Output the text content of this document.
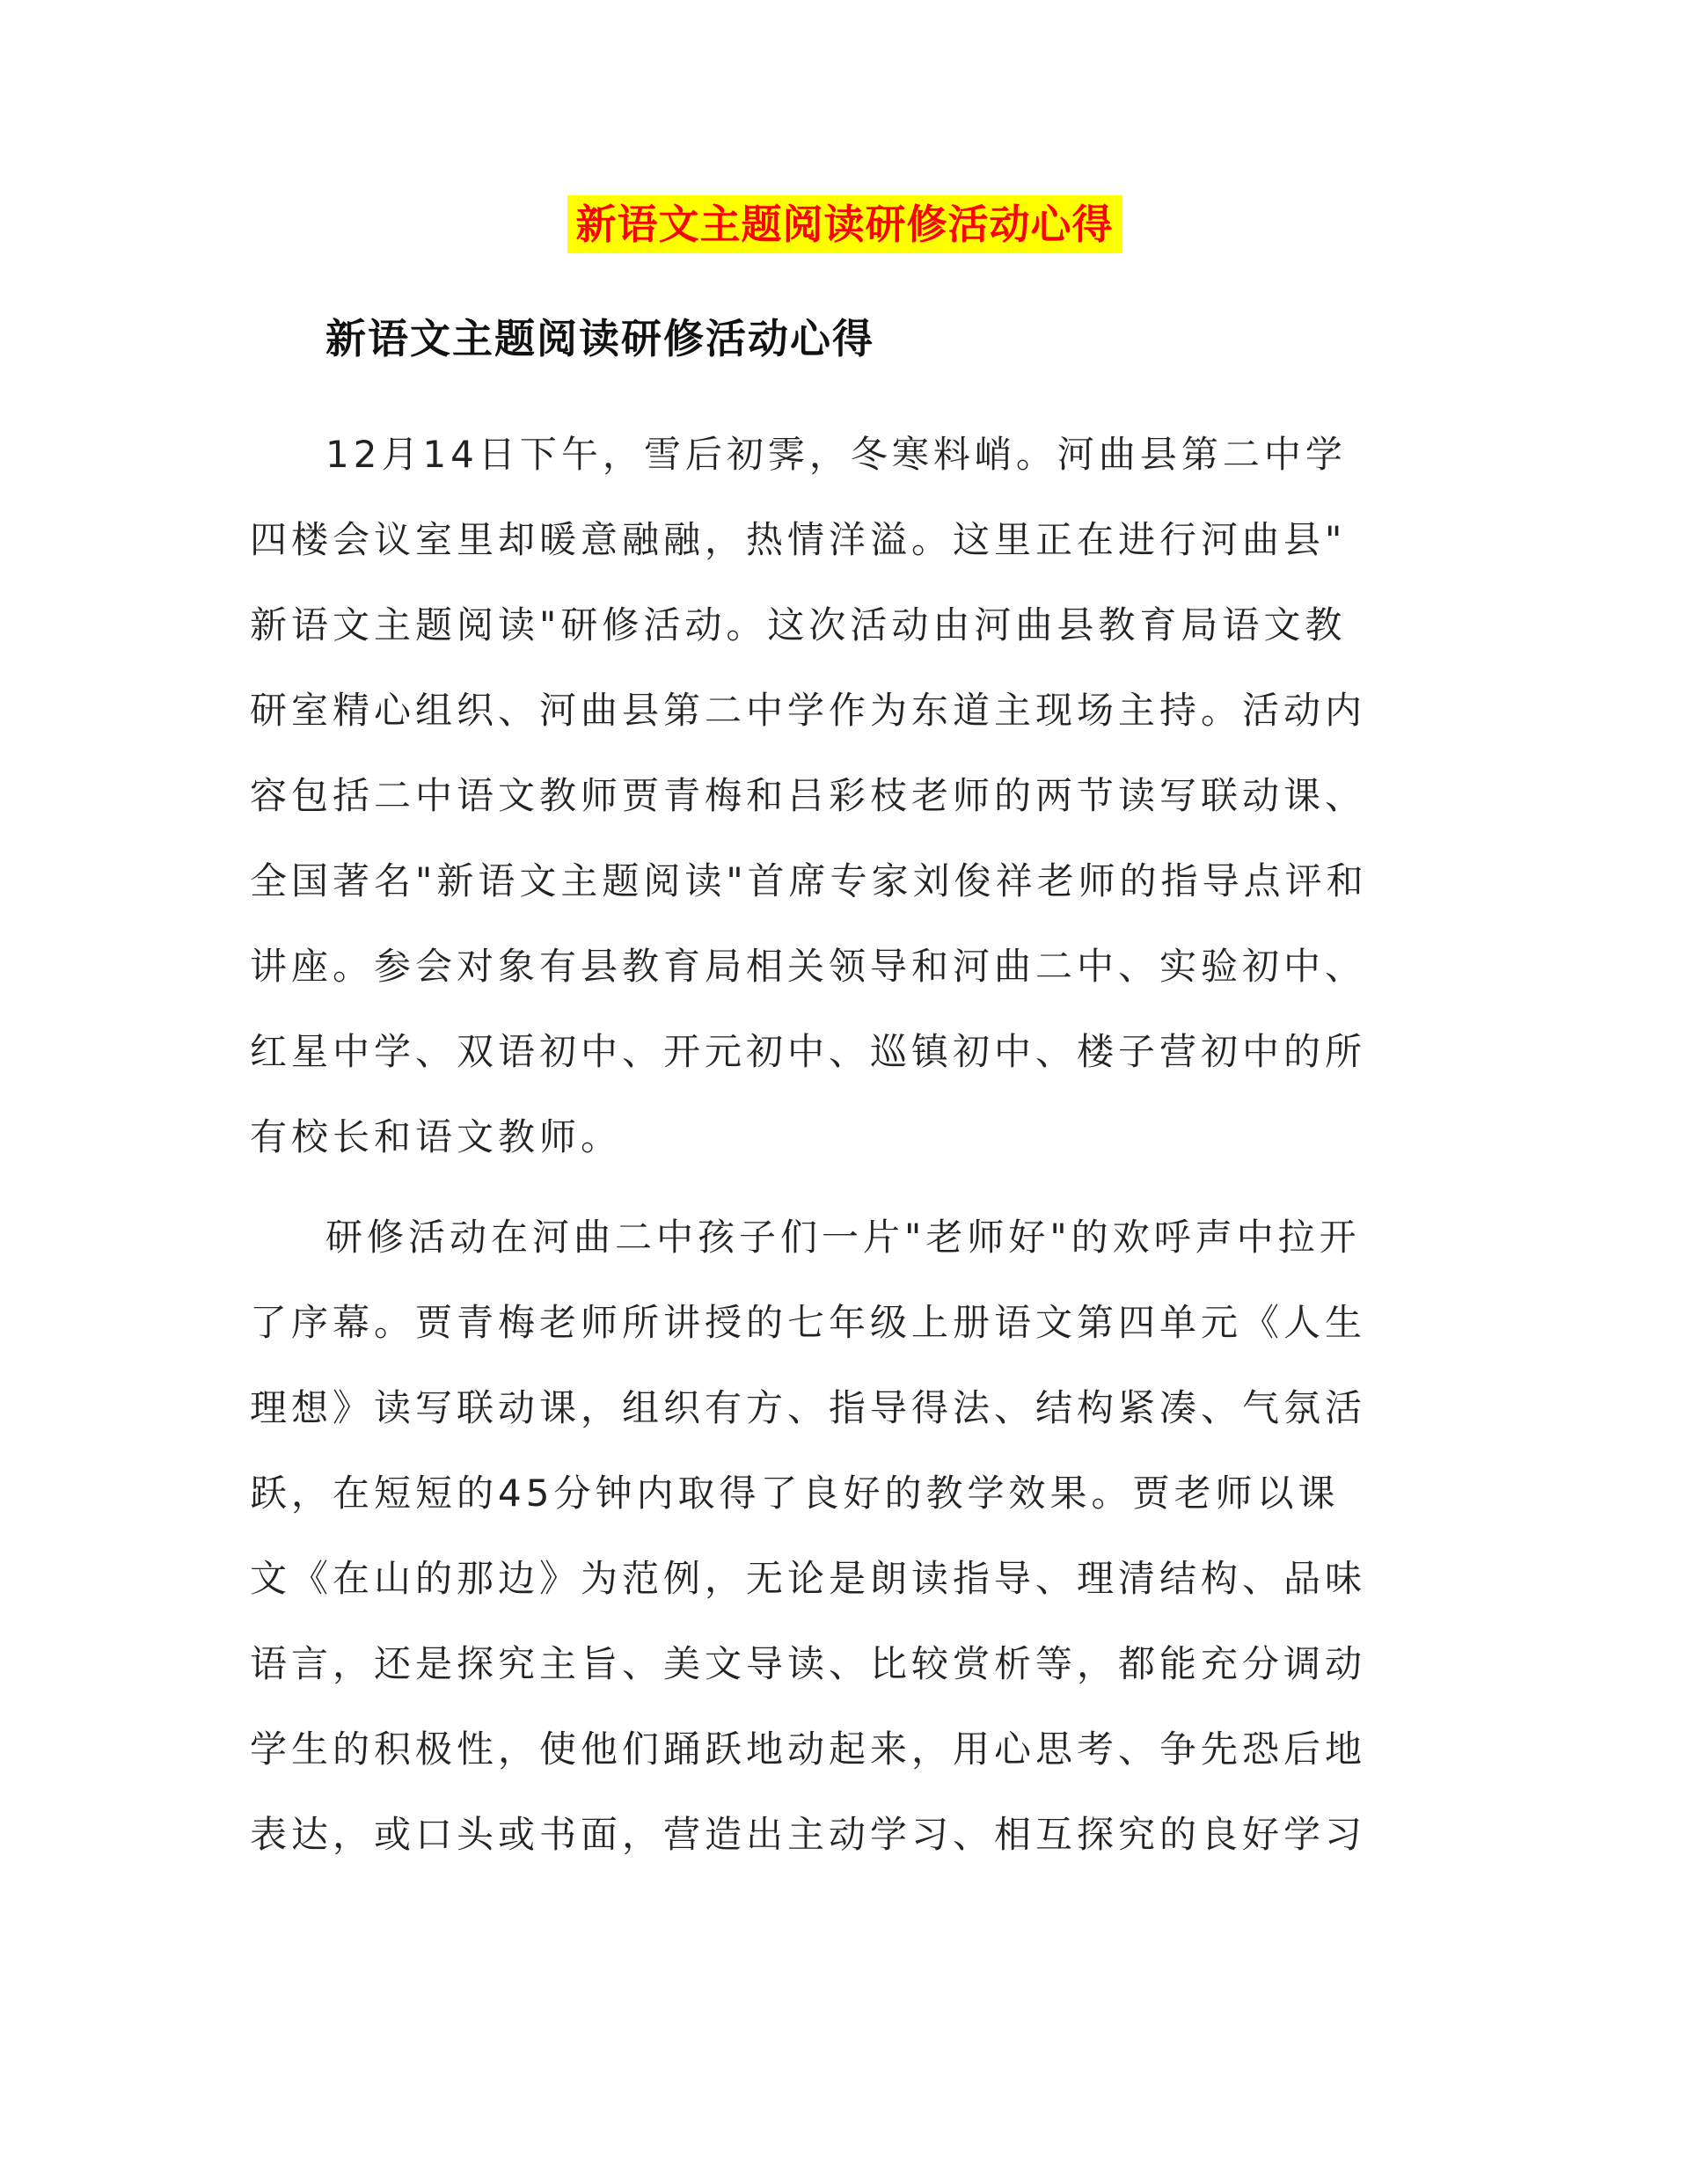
新语文主题阅读研修活动心得
新语文主题阅读研修活动心得
12月14日下午，雪后初霁，冬寒料峭。河曲县第二中学
四楼会议室里却暖意融融，热情洋溢。这里正在进行河曲县"
新语文主题阅读"研修活动。这次活动由河曲县教育局语文教
研室精心组织、河曲县第二中学作为东道主现场主持。活动内
容包括二中语文教师贾青梅和吕彩枝老师的两节读写联动课、
全国著名"新语文主题阅读"首席专家刘俊祥老师的指导点评和
讲座。参会对象有县教育局相关领导和河曲二中、实验初中、
红星中学、双语初中、开元初中、巡镇初中、楼子营初中的所
有校长和语文教师。
研修活动在河曲二中孩子们一片"老师好"的欢呼声中拉开
了序幕。贾青梅老师所讲授的七年级上册语文第四单元《人生
理想》读写联动课，组织有方、指导得法、结构紧凑、气氛活
跃，在短短的45分钟内取得了良好的教学效果。贾老师以课
文《在山的那边》为范例，无论是朗读指导、理清结构、品味
语言，还是探究主旨、美文导读、比较赏析等，都能充分调动
学生的积极性，使他们踊跃地动起来，用心思考、争先恐后地
表达，或口头或书面，营造出主动学习、相互探究的良好学习
